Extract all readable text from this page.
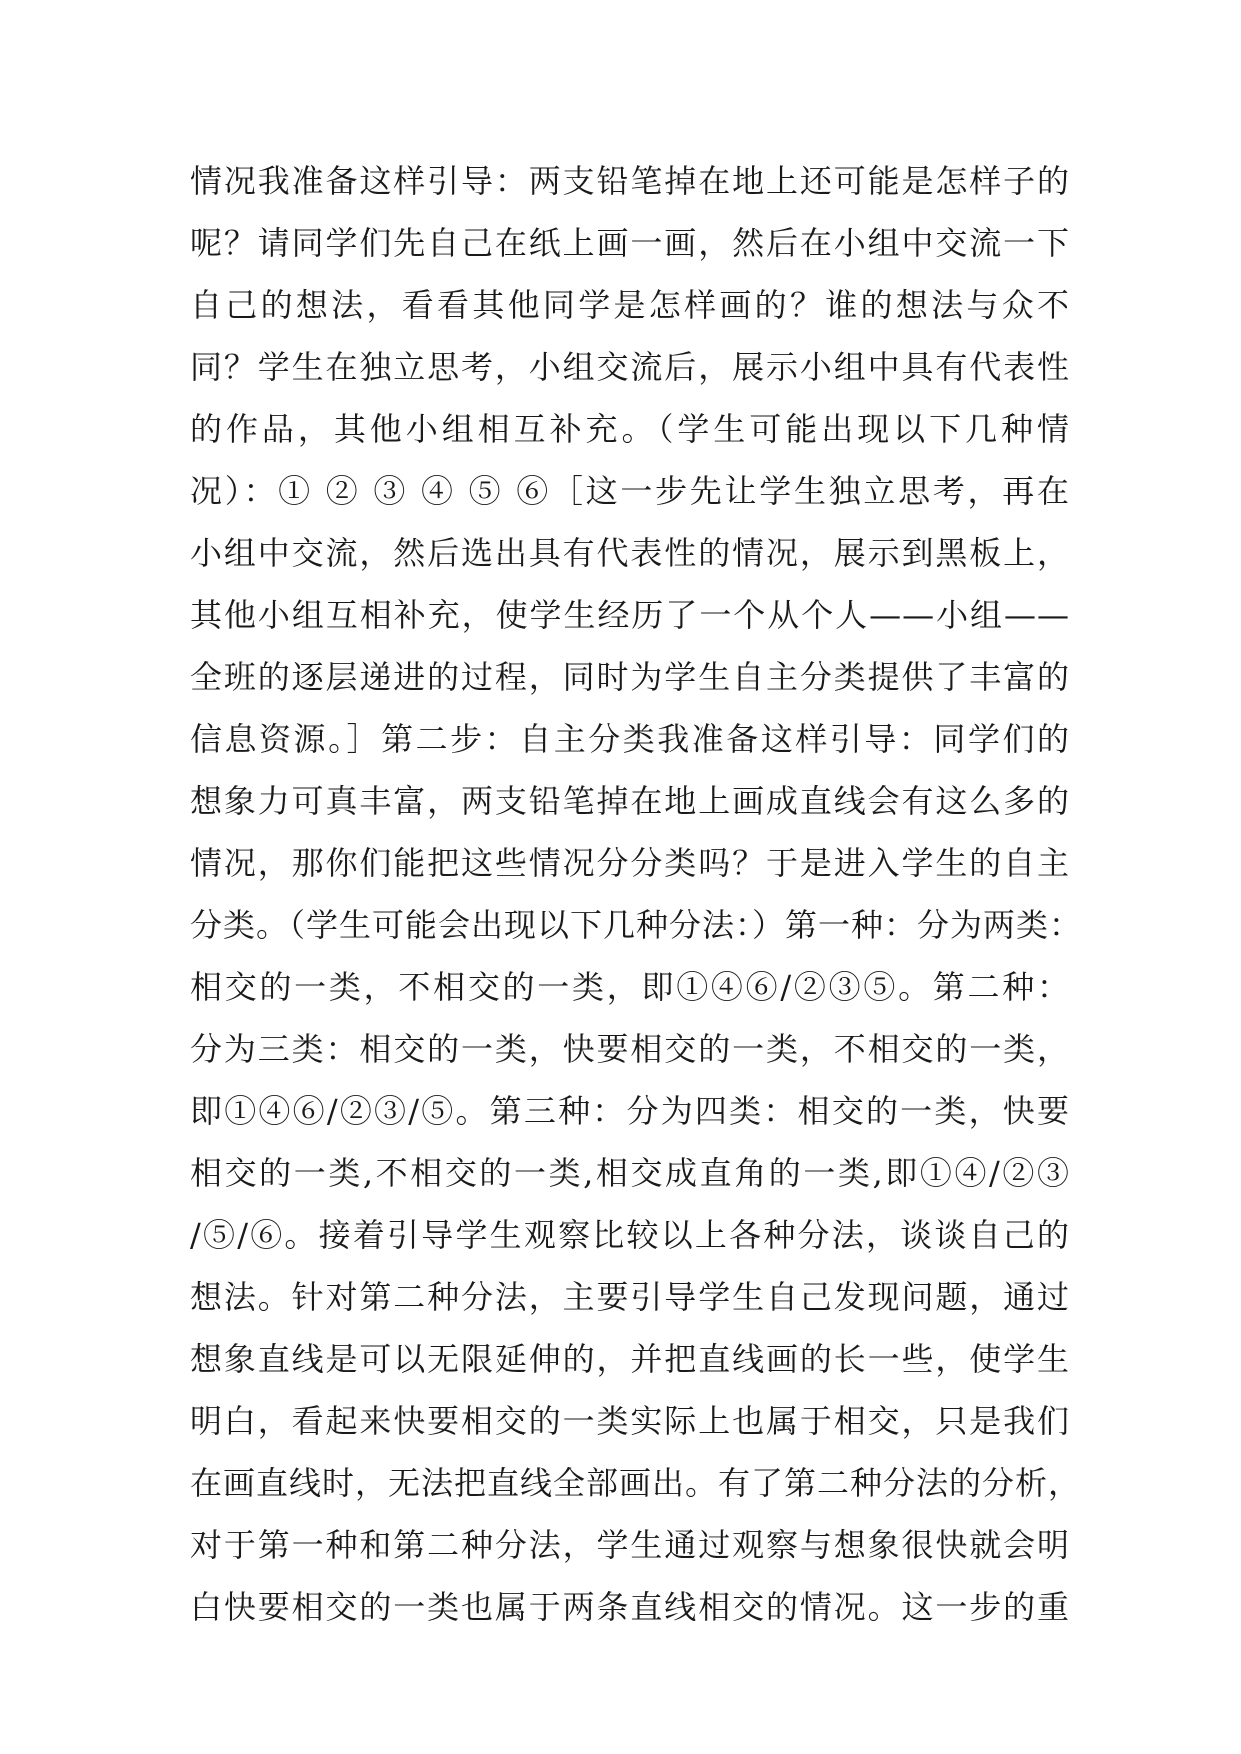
情况我准备这样引导：两支铅笔掉在地上还可能是怎样子的
呢？请同学们先自己在纸上画一画，然后在小组中交流一下
自己的想法，看看其他同学是怎样画的？谁的想法与众不
同？学生在独立思考，小组交流后，展示小组中具有代表性
的作品，其他小组相互补充。（学生可能出现以下几种情
况）：① ② ③ ④ ⑤ ⑥［这一步先让学生独立思考，再在
小组中交流，然后选出具有代表性的情况，展示到黑板上，
其他小组互相补充，使学生经历了一个从个人——小组——
全班的逐层递进的过程，同时为学生自主分类提供了丰富的
信息资源。］第二步：自主分类我准备这样引导：同学们的
想象力可真丰富，两支铅笔掉在地上画成直线会有这么多的
情况，那你们能把这些情况分分类吗？于是进入学生的自主
分类。（学生可能会出现以下几种分法：）第一种：分为两类：
相交的一类，不相交的一类，即①④⑥/②③⑤。第二种：
分为三类：相交的一类，快要相交的一类，不相交的一类，
即①④⑥/②③/⑤。第三种：分为四类：相交的一类，快要
相交的一类,不相交的一类,相交成直角的一类,即①④/②③
/⑤/⑥。接着引导学生观察比较以上各种分法，谈谈自己的
想法。针对第二种分法，主要引导学生自己发现问题，通过
想象直线是可以无限延伸的，并把直线画的长一些，使学生
明白，看起来快要相交的一类实际上也属于相交，只是我们
在画直线时，无法把直线全部画出。有了第二种分法的分析，
对于第一种和第二种分法，学生通过观察与想象很快就会明
白快要相交的一类也属于两条直线相交的情况。这一步的重
